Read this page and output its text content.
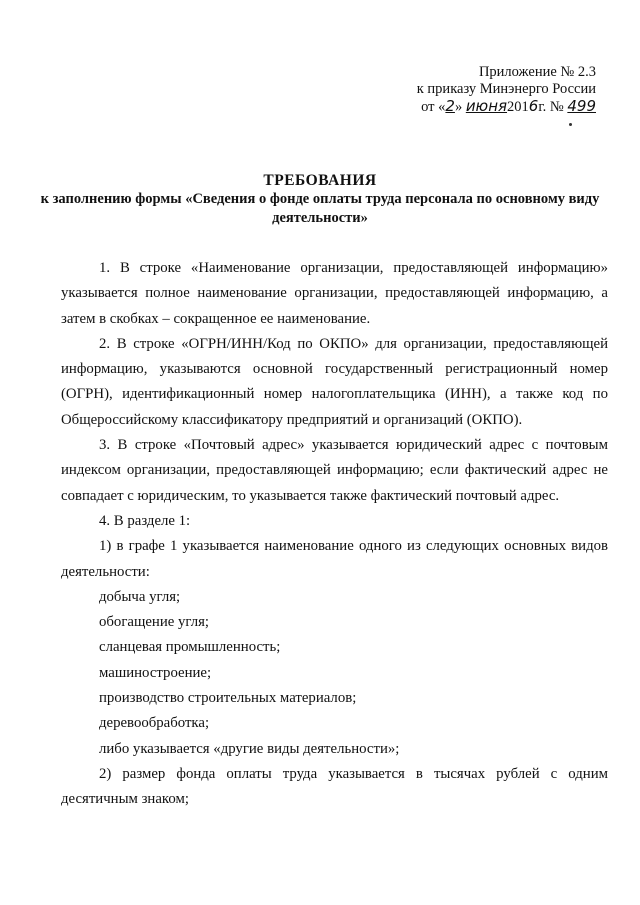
Приложение № 2.3
к приказу Минэнерго России
от «2» июня2016г. № 499
ТРЕБОВАНИЯ
к заполнению формы «Сведения о фонде оплаты труда персонала по основному виду деятельности»

1. В строке «Наименование организации, предоставляющей информацию» указывается полное наименование организации, предоставляющей информацию, а затем в скобках – сокращенное ее наименование.

2. В строке «ОГРН/ИНН/Код по ОКПО» для организации, предоставляющей информацию, указываются основной государственный регистрационный номер (ОГРН), идентификационный номер налогоплательщика (ИНН), а также код по Общероссийскому классификатору предприятий и организаций (ОКПО).

3. В строке «Почтовый адрес» указывается юридический адрес с почтовым индексом организации, предоставляющей информацию; если фактический адрес не совпадает с юридическим, то указывается также фактический почтовый адрес.

4. В разделе 1:

1) в графе 1 указывается наименование одного из следующих основных видов деятельности:

добыча угля;

обогащение угля;

сланцевая промышленность;

машиностроение;

производство строительных материалов;

деревообработка;

либо указывается «другие виды деятельности»;

2) размер фонда оплаты труда указывается в тысячах рублей с одним десятичным знаком;
